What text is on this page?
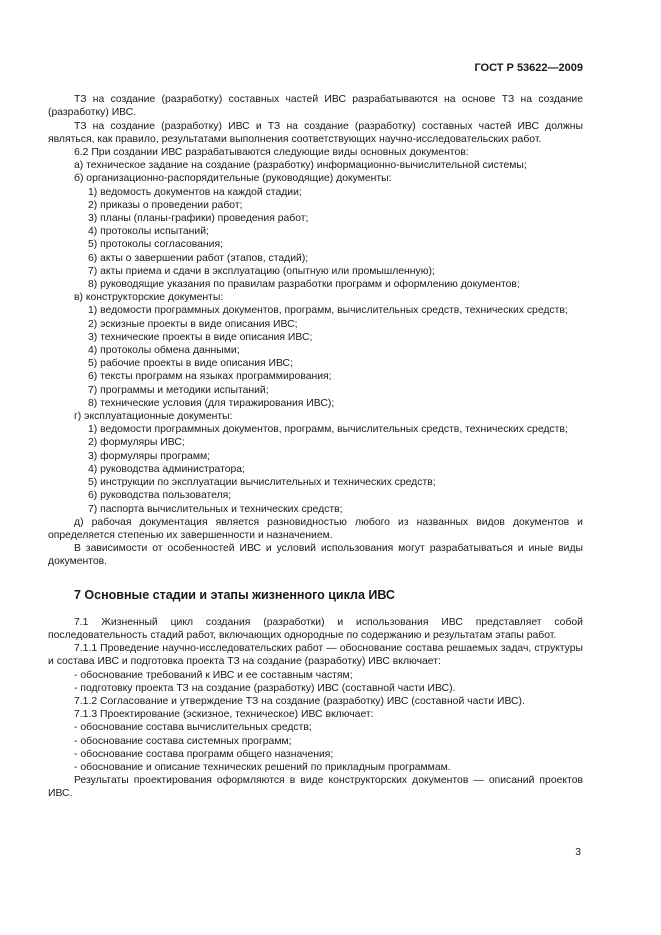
ГОСТ Р 53622—2009

ТЗ на создание (разработку) составных частей ИВС разрабатываются на основе ТЗ на создание (разработку) ИВС.

ТЗ на создание (разработку) ИВС и ТЗ на создание (разработку) составных частей ИВС должны являться, как правило, результатами выполнения соответствующих научно-исследовательских работ.

6.2 При создании ИВС разрабатываются следующие виды основных документов:

а) техническое задание на создание (разработку) информационно-вычислительной системы;

б) организационно-распорядительные (руководящие) документы:

1) ведомость документов на каждой стадии;

2) приказы о проведении работ;

3) планы (планы-графики) проведения работ;

4) протоколы испытаний;

5) протоколы согласования;

6) акты о завершении работ (этапов, стадий);

7) акты приема и сдачи в эксплуатацию (опытную или промышленную);

8) руководящие указания по правилам разработки программ и оформлению документов;

в) конструкторские документы:

1) ведомости программных документов, программ, вычислительных средств, технических средств;

2) эскизные проекты в виде описания ИВС;

3) технические проекты в виде описания ИВС;

4) протоколы обмена данными;

5) рабочие проекты в виде описания ИВС;

6) тексты программ на языках программирования;

7) программы и методики испытаний;

8) технические условия (для тиражирования ИВС);

г) эксплуатационные документы:

1) ведомости программных документов, программ, вычислительных средств, технических средств;

2) формуляры ИВС;

3) формуляры программ;

4) руководства администратора;

5) инструкции по эксплуатации вычислительных и технических средств;

6) руководства пользователя;

7) паспорта вычислительных и технических средств;

д) рабочая документация является разновидностью любого из названных видов документов и определяется степенью их завершенности и назначением.

В зависимости от особенностей ИВС и условий использования могут разрабатываться и иные виды документов.

7 Основные стадии и этапы жизненного цикла ИВС

7.1 Жизненный цикл создания (разработки) и использования ИВС представляет собой последовательность стадий работ, включающих однородные по содержанию и результатам этапы работ.

7.1.1 Проведение научно-исследовательских работ — обоснование состава решаемых задач, структуры и состава ИВС и подготовка проекта ТЗ на создание (разработку) ИВС включает:

- обоснование требований к ИВС и ее составным частям;

- подготовку проекта ТЗ на создание (разработку) ИВС (составной части ИВС).

7.1.2 Согласование и утверждение ТЗ на создание (разработку) ИВС (составной части ИВС).

7.1.3 Проектирование (эскизное, техническое) ИВС включает:

- обоснование состава вычислительных средств;

- обоснование состава системных программ;

- обоснование состава программ общего назначения;

- обоснование и описание технических решений по прикладным программам.

Результаты проектирования оформляются в виде конструкторских документов — описаний проектов ИВС.

3
